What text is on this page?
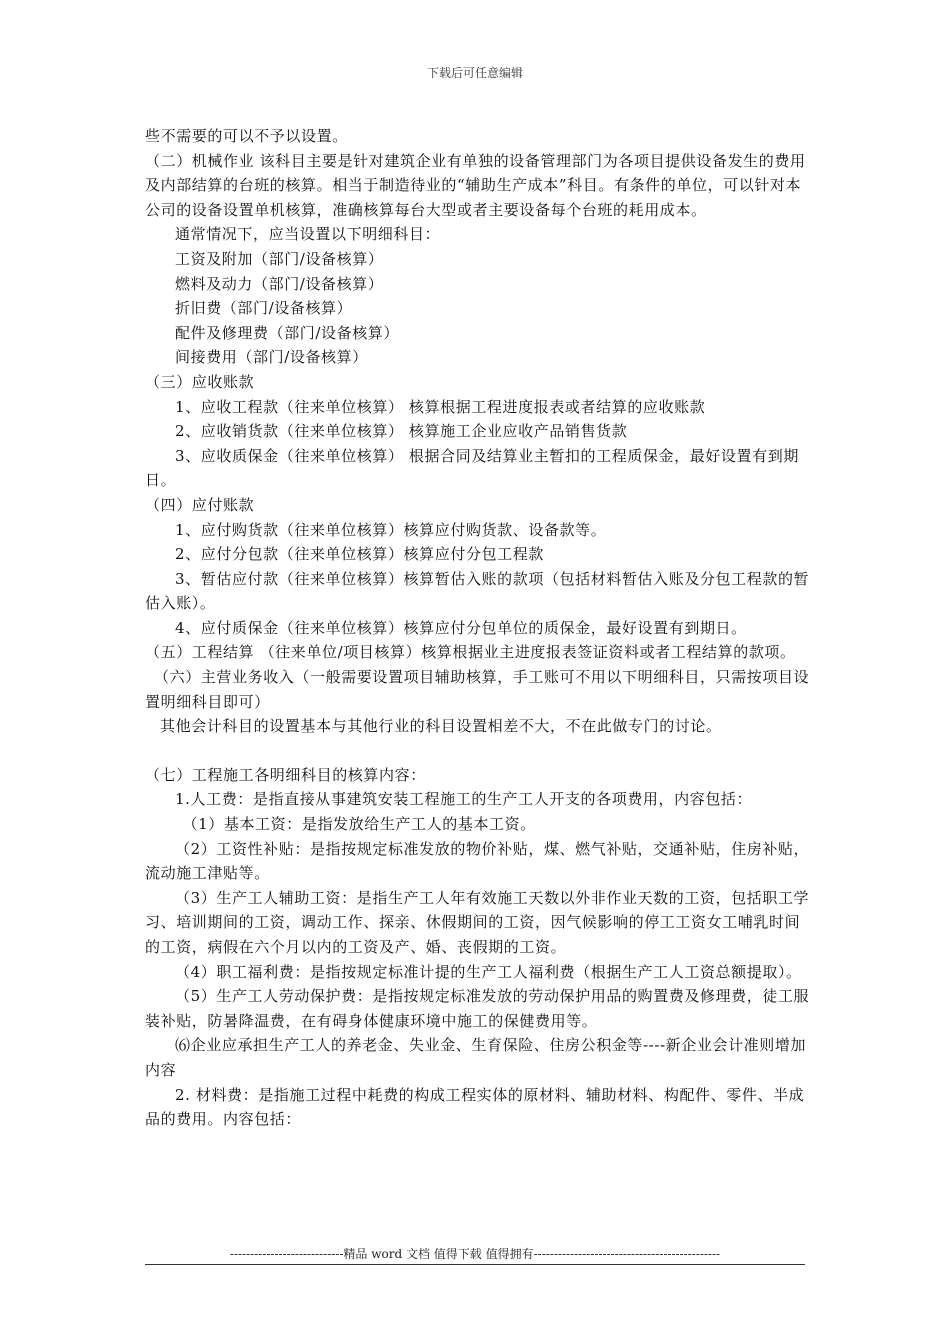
下载后可任意编辑

些不需要的可以不予以设置。

（二）机械作业 该科目主要是针对建筑企业有单独的设备管理部门为各项目提供设备发生的费用及内部结算的台班的核算。相当于制造待业的“辅助生产成本”科目。有条件的单位，可以针对本公司的设备设置单机核算，准确核算每台大型或者主要设备每个台班的耗用成本。

通常情况下，应当设置以下明细科目：

工资及附加（部门/设备核算）

燃料及动力（部门/设备核算）

折旧费（部门/设备核算）

配件及修理费（部门/设备核算）

间接费用（部门/设备核算）

（三）应收账款

1、应收工程款（往来单位核算） 核算根据工程进度报表或者结算的应收账款

2、应收销货款（往来单位核算） 核算施工企业应收产品销售货款

3、应收质保金（往来单位核算） 根据合同及结算业主暂扣的工程质保金，最好设置有到期日。

（四）应付账款

1、应付购货款（往来单位核算）核算应付购货款、设备款等。

2、应付分包款（往来单位核算）核算应付分包工程款

3、暂估应付款（往来单位核算）核算暂估入账的款项（包括材料暂估入账及分包工程款的暂估入账）。

4、应付质保金（往来单位核算）核算应付分包单位的质保金，最好设置有到期日。

（五）工程结算 （往来单位/项目核算）核算根据业主进度报表签证资料或者工程结算的款项。

（六）主营业务收入（一般需要设置项目辅助核算，手工账可不用以下明细科目，只需按项目设置明细科目即可）

其他会计科目的设置基本与其他行业的科目设置相差不大，不在此做专门的讨论。

（七）工程施工各明细科目的核算内容：

1.人工费：是指直接从事建筑安装工程施工的生产工人开支的各项费用，内容包括：

（1）基本工资：是指发放给生产工人的基本工资。

（2）工资性补贴：是指按规定标准发放的物价补贴，煤、燃气补贴，交通补贴，住房补贴，流动施工津贴等。

（3）生产工人辅助工资：是指生产工人年有效施工天数以外非作业天数的工资，包括职工学习、培训期间的工资，调动工作、探亲、休假期间的工资，因气候影响的停工工资女工哺乳时间的工资，病假在六个月以内的工资及产、婚、丧假期的工资。

（4）职工福利费：是指按规定标准计提的生产工人福利费（根据生产工人工资总额提取）。

（5）生产工人劳动保护费：是指按规定标准发放的劳动保护用品的购置费及修理费，徒工服装补贴，防暑降温费，在有碍身体健康环境中施工的保健费用等。

⑹企业应承担生产工人的养老金、失业金、生育保险、住房公积金等----新企业会计准则增加内容

2. 材料费：是指施工过程中耗费的构成工程实体的原材料、辅助材料、构配件、零件、半成品的费用。内容包括：

----------------------------精品 word 文档 值得下载 值得拥有----------------------------------------------
